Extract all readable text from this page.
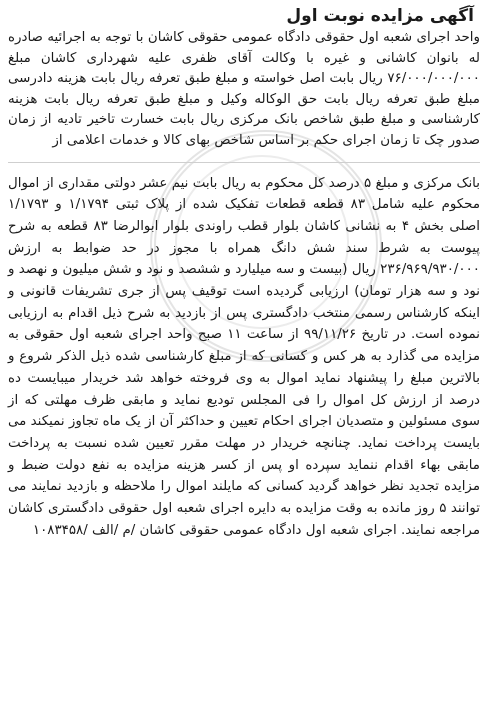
آگهی مزایده نوبت اول

واحد اجرای شعبه اول حقوقی دادگاه عمومی حقوقی کاشان با توجه به اجرائیه صادره له بانوان کاشانی و غیره با وکالت آقای ظفری علیه شهرداری کاشان مبلغ ۷۶/۰۰۰/۰۰۰/۰۰۰ ریال بابت اصل خواسته و مبلغ طبق تعرفه ریال بابت هزینه دادرسی مبلغ طبق تعرفه ریال بابت حق الوکاله وکیل و مبلغ طبق تعرفه ریال بابت هزینه کارشناسی و مبلغ طبق شاخص بانک مرکزی ریال بابت خسارت تاخیر تادیه از زمان صدور چک تا زمان اجرای حکم بر اساس شاخص بهای کالا و خدمات اعلامی از

بانک مرکزی و مبلغ ۵ درصد کل محکوم به ریال بابت نیم عشر دولتی مقداری از اموال محکوم علیه شامل ۸۳ قطعه قطعات تفکیک شده از پلاک ثبتی ۱/۱۷۹۴ و ۱/۱۷۹۳ اصلی بخش ۴ به نشانی کاشان بلوار قطب راوندی بلوار ابوالرضا ۸۳ قطعه به شرح پیوست به شرط سند شش دانگ همراه با مجوز در حد ضوابط به ارزش ۲۳۶/۹۶۹/۹۳۰/۰۰۰ ریال (بیست و سه میلیارد و ششصد و نود و شش میلیون و نهصد و نود و سه هزار تومان) ارزیابی گردیده است توقیف پس از جری تشریفات قانونی و اینکه کارشناس رسمی منتخب دادگستری پس از بازدید به شرح ذیل اقدام به ارزیابی نموده است. در تاریخ ۹۹/۱۱/۲۶ از ساعت ۱۱ صبح واحد اجرای شعبه اول حقوقی به مزایده می گذارد به هر کس و کسانی که از مبلغ کارشناسی شده ذیل الذکر شروع و بالاترین مبلغ را پیشنهاد نماید اموال به وی فروخته خواهد شد خریدار میبایست ده درصد از ارزش کل اموال را فی المجلس تودیع نماید و مابقی ظرف مهلتی که از سوی مسئولین و متصدیان اجرای احکام تعیین و حداکثر آن از یک ماه تجاوز نمیکند می بایست پرداخت نماید. چنانچه خریدار در مهلت مقرر تعیین شده نسبت به پرداخت مابقی بهاء اقدام ننماید سپرده او پس از کسر هزینه مزایده به نفع دولت ضبط و مزایده تجدید نظر خواهد گردید کسانی که مایلند اموال را ملاحظه و بازدید نمایند می توانند ۵ روز مانده به وقت مزایده به دایره اجرای شعبه اول حقوقی دادگستری کاشان مراجعه نمایند. اجرای شعبه اول دادگاه عمومی حقوقی کاشان /م /الف /۱۰۸۳۴۵۸
